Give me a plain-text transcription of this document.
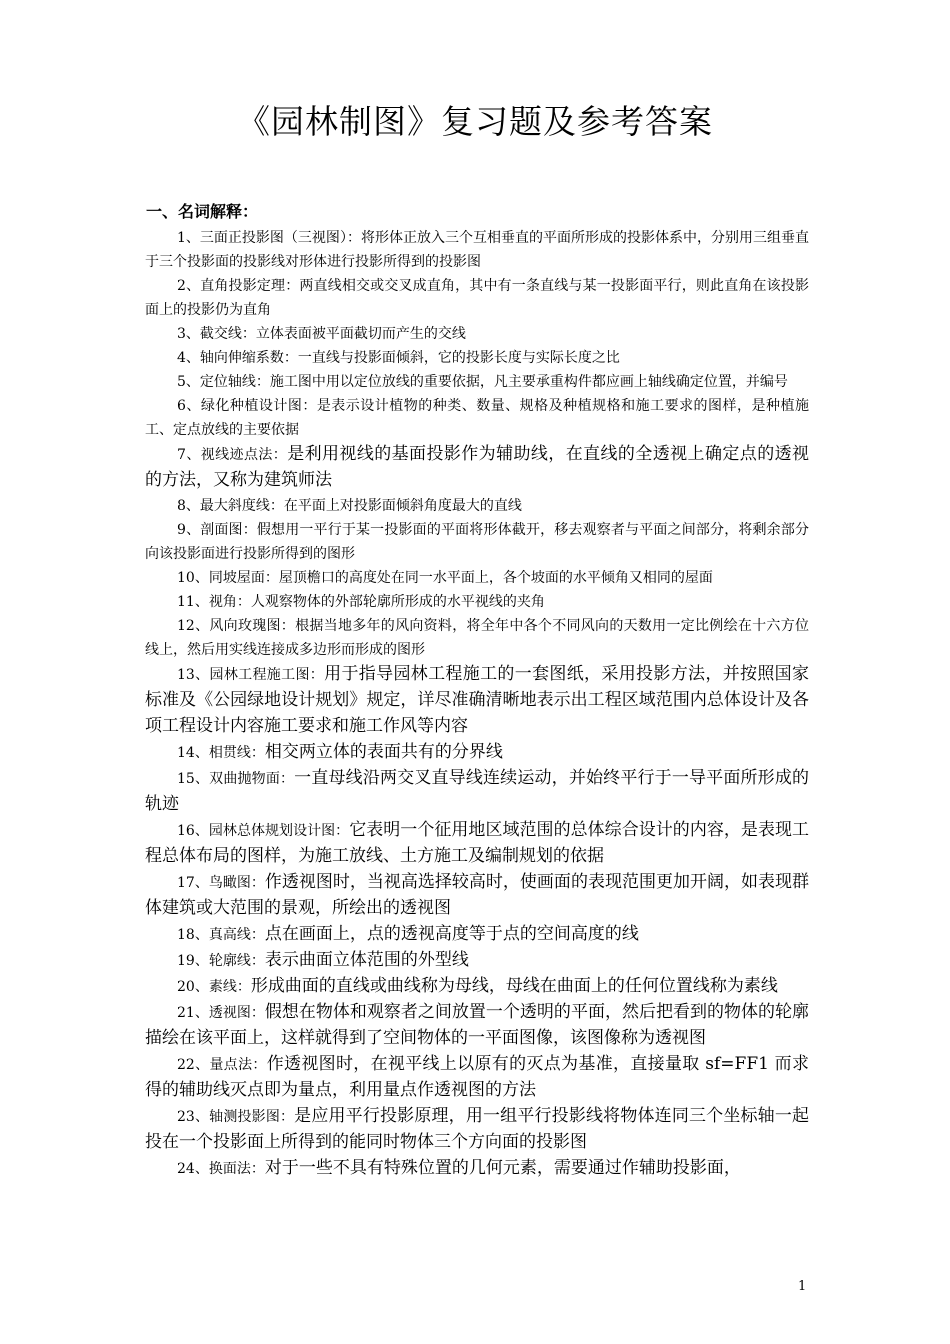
《园林制图》复习题及参考答案
一、名词解释：

1、三面正投影图（三视图）：将形体正放入三个互相垂直的平面所形成的投影体系中，分别用三组垂直于三个投影面的投影线对形体进行投影所得到的投影图

2、直角投影定理：两直线相交或交叉成直角，其中有一条直线与某一投影面平行，则此直角在该投影面上的投影仍为直角

3、截交线：立体表面被平面截切而产生的交线

4、轴向伸缩系数：一直线与投影面倾斜，它的投影长度与实际长度之比

5、定位轴线：施工图中用以定位放线的重要依据，凡主要承重构件都应画上轴线确定位置，并编号

6、绿化种植设计图：是表示设计植物的种类、数量、规格及种植规格和施工要求的图样，是种植施工、定点放线的主要依据

7、视线迹点法：是利用视线的基面投影作为辅助线，在直线的全透视上确定点的透视的方法，又称为建筑师法

8、最大斜度线：在平面上对投影面倾斜角度最大的直线

9、剖面图：假想用一平行于某一投影面的平面将形体截开，移去观察者与平面之间部分，将剩余部分向该投影面进行投影所得到的图形

10、同坡屋面：屋顶檐口的高度处在同一水平面上，各个坡面的水平倾角又相同的屋面

11、视角：人观察物体的外部轮廓所形成的水平视线的夹角

12、风向玫瑰图：根据当地多年的风向资料，将全年中各个不同风向的天数用一定比例绘在十六方位线上，然后用实线连接成多边形而形成的图形

13、园林工程施工图：用于指导园林工程施工的一套图纸，采用投影方法，并按照国家标准及《公园绿地设计规划》规定，详尽准确清晰地表示出工程区域范围内总体设计及各项工程设计内容施工要求和施工作风等内容

14、相贯线：相交两立体的表面共有的分界线

15、双曲抛物面：一直母线沿两交叉直导线连续运动，并始终平行于一导平面所形成的轨迹

16、园林总体规划设计图：它表明一个征用地区域范围的总体综合设计的内容，是表现工程总体布局的图样，为施工放线、土方施工及编制规划的依据

17、鸟瞰图：作透视图时，当视高选择较高时，使画面的表现范围更加开阔，如表现群体建筑或大范围的景观，所绘出的透视图

18、真高线：点在画面上，点的透视高度等于点的空间高度的线

19、轮廓线：表示曲面立体范围的外型线

20、素线：形成曲面的直线或曲线称为母线，母线在曲面上的任何位置线称为素线

21、透视图：假想在物体和观察者之间放置一个透明的平面，然后把看到的物体的轮廓描绘在该平面上，这样就得到了空间物体的一平面图像，该图像称为透视图

22、量点法：作透视图时，在视平线上以原有的灭点为基准，直接量取 sf=FF1 而求得的辅助线灭点即为量点，利用量点作透视图的方法

23、轴测投影图：是应用平行投影原理，用一组平行投影线将物体连同三个坐标轴一起投在一个投影面上所得到的能同时物体三个方向面的投影图

24、换面法：对于一些不具有特殊位置的几何元素，需要通过作辅助投影面，

1
